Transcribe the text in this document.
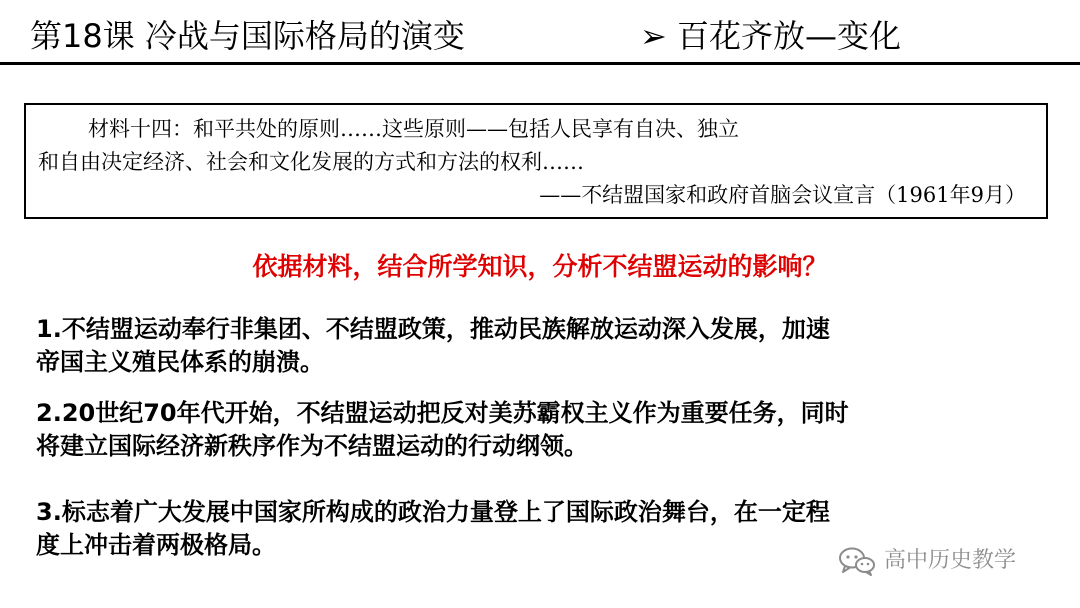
第18课 冷战与国际格局的演变	➢ 百花齐放—变化
材料十四：和平共处的原则……这些原则——包括人民享有自决、独立
和自由决定经济、社会和文化发展的方式和方法的权利……
——不结盟国家和政府首脑会议宣言（1961年9月）
依据材料，结合所学知识，分析不结盟运动的影响？
1.不结盟运动奉行非集团、不结盟政策，推动民族解放运动深入发展，加速
帝国主义殖民体系的崩溃。
2.20世纪70年代开始，不结盟运动把反对美苏霸权主义作为重要任务，同时
将建立国际经济新秩序作为不结盟运动的行动纲领。
3.标志着广大发展中国家所构成的政治力量登上了国际政治舞台，在一定程
度上冲击着两极格局。
高中历史教学
